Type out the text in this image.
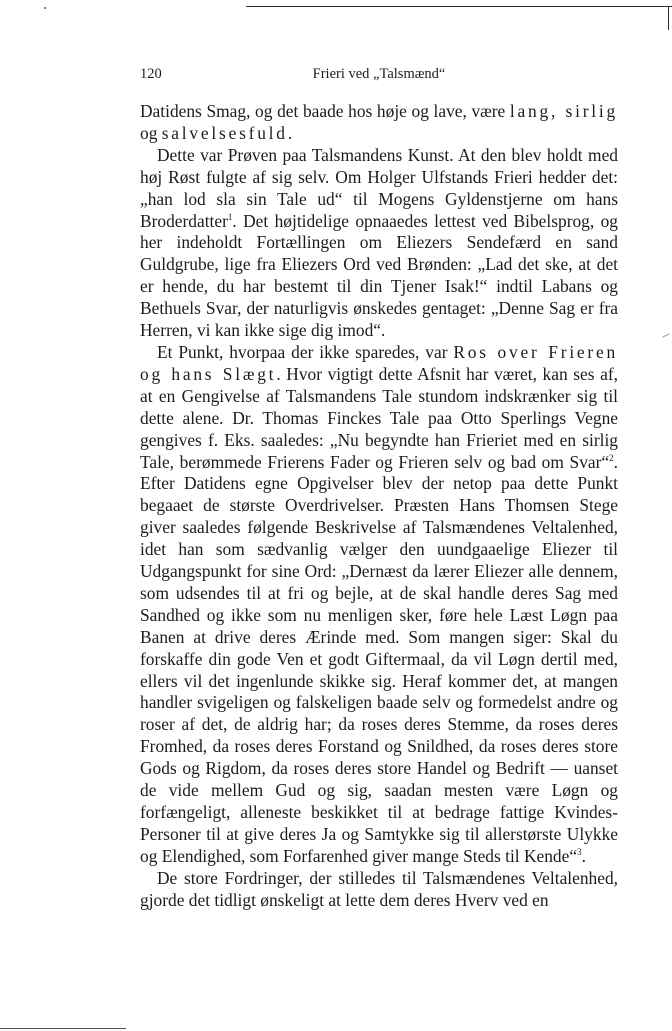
120	Frieri ved „Talsmænd“

Datidens Smag, og det baade hos høje og lave, være lang, sirlig og salvelsesfuld.

Dette var Prøven paa Talsmandens Kunst. At den blev holdt med høj Røst fulgte af sig selv. Om Holger Ulfstands Frieri hedder det: „han lod sla sin Tale ud“ til Mogens Gyldenstjerne om hans Broderdatter$^1$. Det højtidelige opnaaedes lettest ved Bibelsprog, og her indeholdt Fortællingen om Eliezers Sendefærd en sand Guldgrube, lige fra Eliezers Ord ved Brønden: „Lad det ske, at det er hende, du har bestemt til din Tjener Isak!“ indtil Labans og Bethuels Svar, der naturligvis ønskedes gentaget: „Denne Sag er fra Herren, vi kan ikke sige dig imod“.

Et Punkt, hvorpaa der ikke sparedes, var Ros over Frieren og hans Slægt. Hvor vigtigt dette Afsnit har været, kan ses af, at en Gengivelse af Talsmandens Tale stundom indskrænker sig til dette alene. Dr. Thomas Finckes Tale paa Otto Sperlings Vegne gengives f. Eks. saaledes: „Nu begyndte han Frieriet med en sirlig Tale, berømmede Frierens Fader og Frieren selv og bad om Svar“$^2$. Efter Datidens egne Opgivelser blev der netop paa dette Punkt begaaet de største Overdrivelser. Præsten Hans Thomsen Stege giver saaledes følgende Beskrivelse af Talsmændenes Veltalenhed, idet han som sædvanlig vælger den uundgaaelige Eliezer til Udgangspunkt for sine Ord: „Dernæst da lærer Eliezer alle dennem, som udsendes til at fri og bejle, at de skal handle deres Sag med Sandhed og ikke som nu menligen sker, føre hele Læst Løgn paa Banen at drive deres Ærinde med. Som mangen siger: Skal du forskaffe din gode Ven et godt Giftermaal, da vil Løgn dertil med, ellers vil det ingenlunde skikke sig. Heraf kommer det, at mangen handler svigeligen og falskeligen baade selv og formedelst andre og roser af det, de aldrig har; da roses deres Stemme, da roses deres Fromhed, da roses deres Forstand og Snildhed, da roses deres store Gods og Rigdom, da roses deres store Handel og Bedrift — uanset de vide mellem Gud og sig, saadan mesten være Løgn og forfængeligt, alleneste beskikket til at bedrage fattige Kvindes-Personer til at give deres Ja og Samtykke sig til allerstørste Ulykke og Elendighed, som Forfarenhed giver mange Steds til Kende“$^3$.

De store Fordringer, der stilledes til Talsmændenes Veltalenhed, gjorde det tidligt ønskeligt at lette dem deres Hverv ved en
